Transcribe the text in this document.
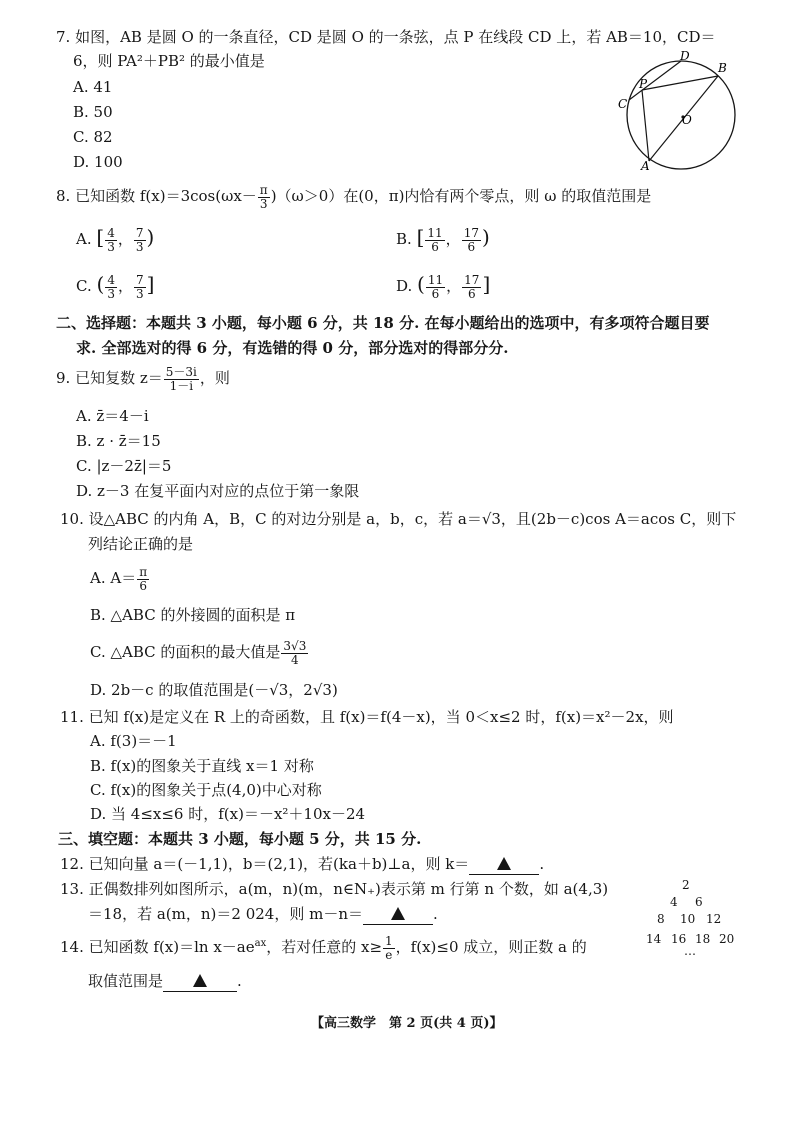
7. 如图，AB 是圆 O 的一条直径，CD 是圆 O 的一条弦，点 P 在线段 CD 上，若 AB＝10，CD＝
6，则 PA²＋PB² 的最小值是
A. 41
B. 50
C. 82
D. 100
D
B
P
C
O
A
8. 已知函数 $f(x)=3\cos(\omega x- \frac{\pi}{3} )(\omega>0)$在(0，π)内恰有两个零点，则 ω 的取值范围是
A. [ $\frac{4}{3}$ ， $\frac{7}{3}$ )	B. [ $\frac{11}{6}$ ， $\frac{17}{6}$ )
C. ( $\frac{4}{3}$ ， $\frac{7}{3}$ ]	D. ( $\frac{11}{6}$ ， $\frac{17}{6}$ ]
二、选择题：本题共 3 小题，每小题 6 分，共 18 分. 在每小题给出的选项中，有多项符合题目要
求. 全部选对的得 6 分，有选错的得 0 分，部分选对的得部分分.
9. 已知复数 $z= \frac{5-3i}{1-i}$ ，则
A. z̄＝4－i
B. z · z̄＝15
C. |z－2z̄|＝5
D. z－3 在复平面内对应的点位于第一象限
10. 设△ABC 的内角 A，B，C 的对边分别是 a，b，c，若 a＝√3，且(2b－c)cos A＝acos C，则下
列结论正确的是
A. $A= \frac{\pi}{6}$
B. △ABC 的外接圆的面积是 π
C. △ABC 的面积的最大值是 $\frac{3√3}{4}$
D. 2b－c 的取值范围是(－√3，2√3)
11. 已知 f(x)是定义在 R 上的奇函数，且 f(x)＝f(4－x)，当 0＜x≤2 时，f(x)＝x²－2x，则
A. f(3)＝－1
B. f(x)的图象关于直线 x＝1 对称
C. f(x)的图象关于点(4,0)中心对称
D. 当 4≤x≤6 时，f(x)＝－x²＋10x－24
三、填空题：本题共 3 小题，每小题 5 分，共 15 分.
12. 已知向量 a＝(－1,1)，b＝(2,1)，若(ka＋b)⊥a，则 k＝	.
13. 正偶数排列如图所示，a(m，n)(m，n∈N₊)表示第 m 行第 n 个数，如 a(4,3)
＝18，若 a(m，n)＝2 024，则 m－n＝	.
2
4 6
8 10 12
14 16 18 20
…
14. 已知函数 f(x)＝ln $x-ae^{ax}$，若对任意的 $x\ge \frac{1}{e}$ ，f(x)≤0 成立，则正数 a 的
取值范围是	.
【高三数学　第 2 页(共 4 页)】
